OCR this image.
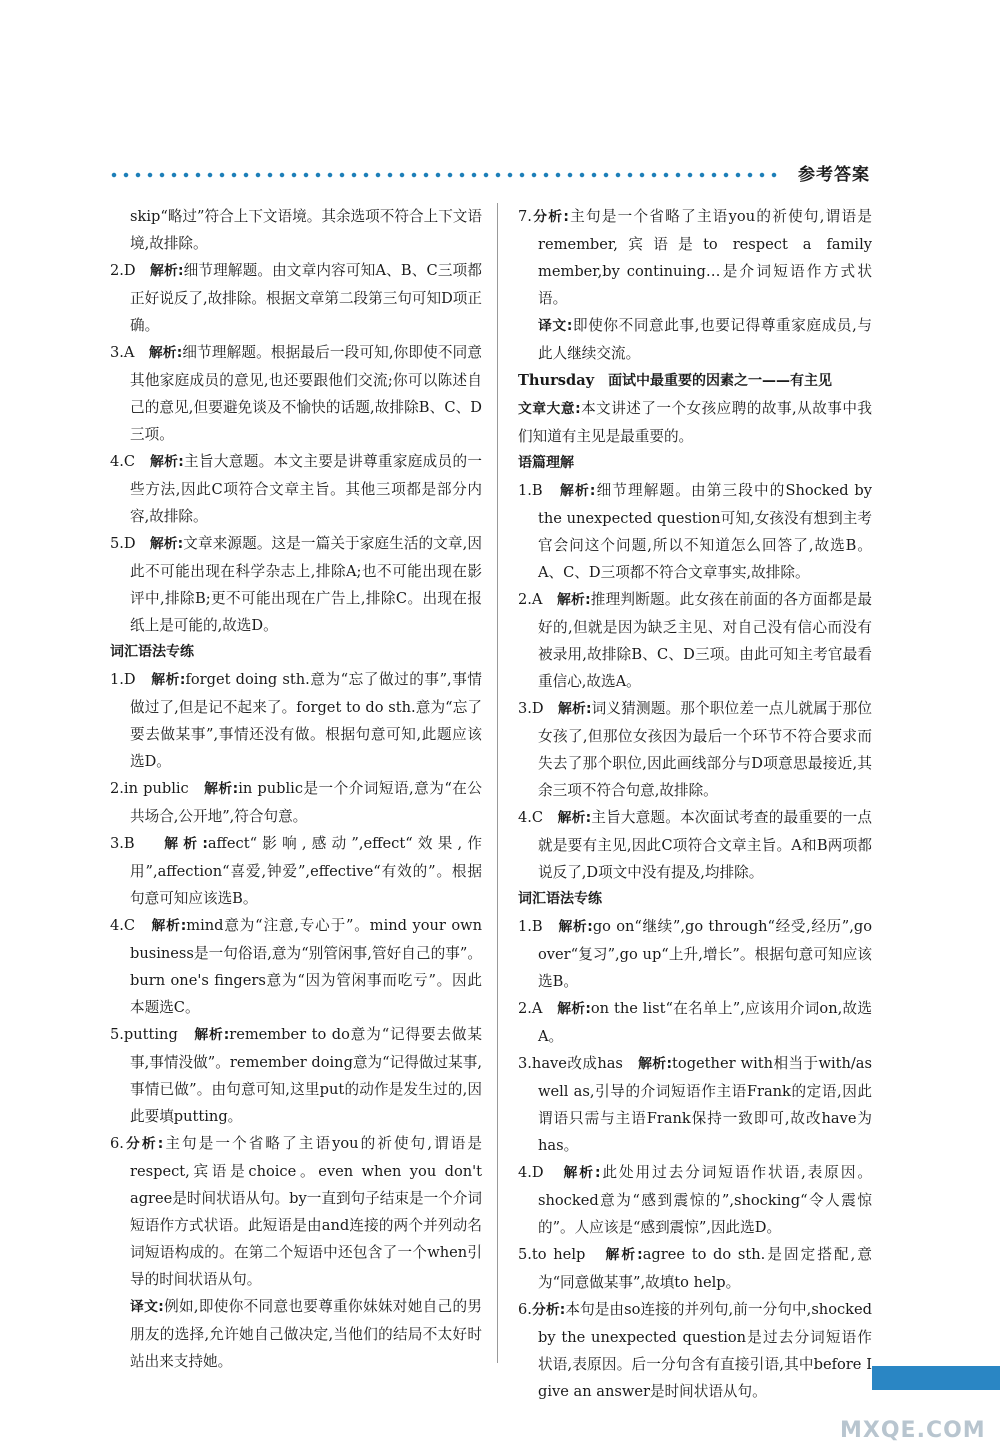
参考答案
skip“略过”符合上下文语境。其余选项不符合上下文语境,故排除。
2.D 解析:细节理解题。由文章内容可知A、B、C三项都正好说反了,故排除。根据文章第二段第三句可知D项正确。
3.A 解析:细节理解题。根据最后一段可知,你即使不同意其他家庭成员的意见,也还要跟他们交流;你可以陈述自己的意见,但要避免谈及不愉快的话题,故排除B、C、D三项。
4.C 解析:主旨大意题。本文主要是讲尊重家庭成员的一些方法,因此C项符合文章主旨。其他三项都是部分内容,故排除。
5.D 解析:文章来源题。这是一篇关于家庭生活的文章,因此不可能出现在科学杂志上,排除A;也不可能出现在影评中,排除B;更不可能出现在广告上,排除C。出现在报纸上是可能的,故选D。
词汇语法专练
1.D 解析:forget doing sth.意为“忘了做过的事”,事情做过了,但是记不起来了。forget to do sth.意为“忘了要去做某事”,事情还没有做。根据句意可知,此题应该选D。
2.in public 解析:in public是一个介词短语,意为“在公共场合,公开地”,符合句意。
3.B 解析:affect“影响,感动”,effect“效果,作用”,affection“喜爱,钟爱”,effective“有效的”。根据句意可知应该选B。
4.C 解析:mind意为“注意,专心于”。mind your own business是一句俗语,意为“别管闲事,管好自己的事”。burn one's fingers意为“因为管闲事而吃亏”。因此本题选C。
5.putting 解析:remember to do意为“记得要去做某事,事情没做”。remember doing意为“记得做过某事,事情已做”。由句意可知,这里put的动作是发生过的,因此要填putting。
6.分析:主句是一个省略了主语you的祈使句,谓语是respect,宾语是choice。even when you don't agree是时间状语从句。by一直到句子结束是一个介词短语作方式状语。此短语是由and连接的两个并列动名词短语构成的。在第二个短语中还包含了一个when引导的时间状语从句。
译文:例如,即使你不同意也要尊重你妹妹对她自己的男朋友的选择,允许她自己做决定,当他们的结局不太好时站出来支持她。
7.分析:主句是一个省略了主语you的祈使句,谓语是remember,宾语是to respect a family member,by continuing…是介词短语作方式状语。
译文:即使你不同意此事,也要记得尊重家庭成员,与此人继续交流。
Thursday 面试中最重要的因素之一——有主见
文章大意:本文讲述了一个女孩应聘的故事,从故事中我们知道有主见是最重要的。
语篇理解
1.B 解析:细节理解题。由第三段中的Shocked by the unexpected question可知,女孩没有想到主考官会问这个问题,所以不知道怎么回答了,故选B。A、C、D三项都不符合文章事实,故排除。
2.A 解析:推理判断题。此女孩在前面的各方面都是最好的,但就是因为缺乏主见、对自己没有信心而没有被录用,故排除B、C、D三项。由此可知主考官最看重信心,故选A。
3.D 解析:词义猜测题。那个职位差一点儿就属于那位女孩了,但那位女孩因为最后一个环节不符合要求而失去了那个职位,因此画线部分与D项意思最接近,其余三项不符合句意,故排除。
4.C 解析:主旨大意题。本次面试考查的最重要的一点就是要有主见,因此C项符合文章主旨。A和B两项都说反了,D项文中没有提及,均排除。
词汇语法专练
1.B 解析:go on“继续”,go through“经受,经历”,go over“复习”,go up“上升,增长”。根据句意可知应该选B。
2.A 解析:on the list“在名单上”,应该用介词on,故选A。
3.have改成has 解析:together with相当于with/as well as,引导的介词短语作主语Frank的定语,因此谓语只需与主语Frank保持一致即可,故改have为has。
4.D 解析:此处用过去分词短语作状语,表原因。shocked意为“感到震惊的”,shocking“令人震惊的”。人应该是“感到震惊”,因此选D。
5.to help 解析:agree to do sth.是固定搭配,意为“同意做某事”,故填to help。
6.分析:本句是由so连接的并列句,前一分句中,shocked by the unexpected question是过去分词短语作状语,表原因。后一分句含有直接引语,其中before I give an answer是时间状语从句。
MXQE.COM
